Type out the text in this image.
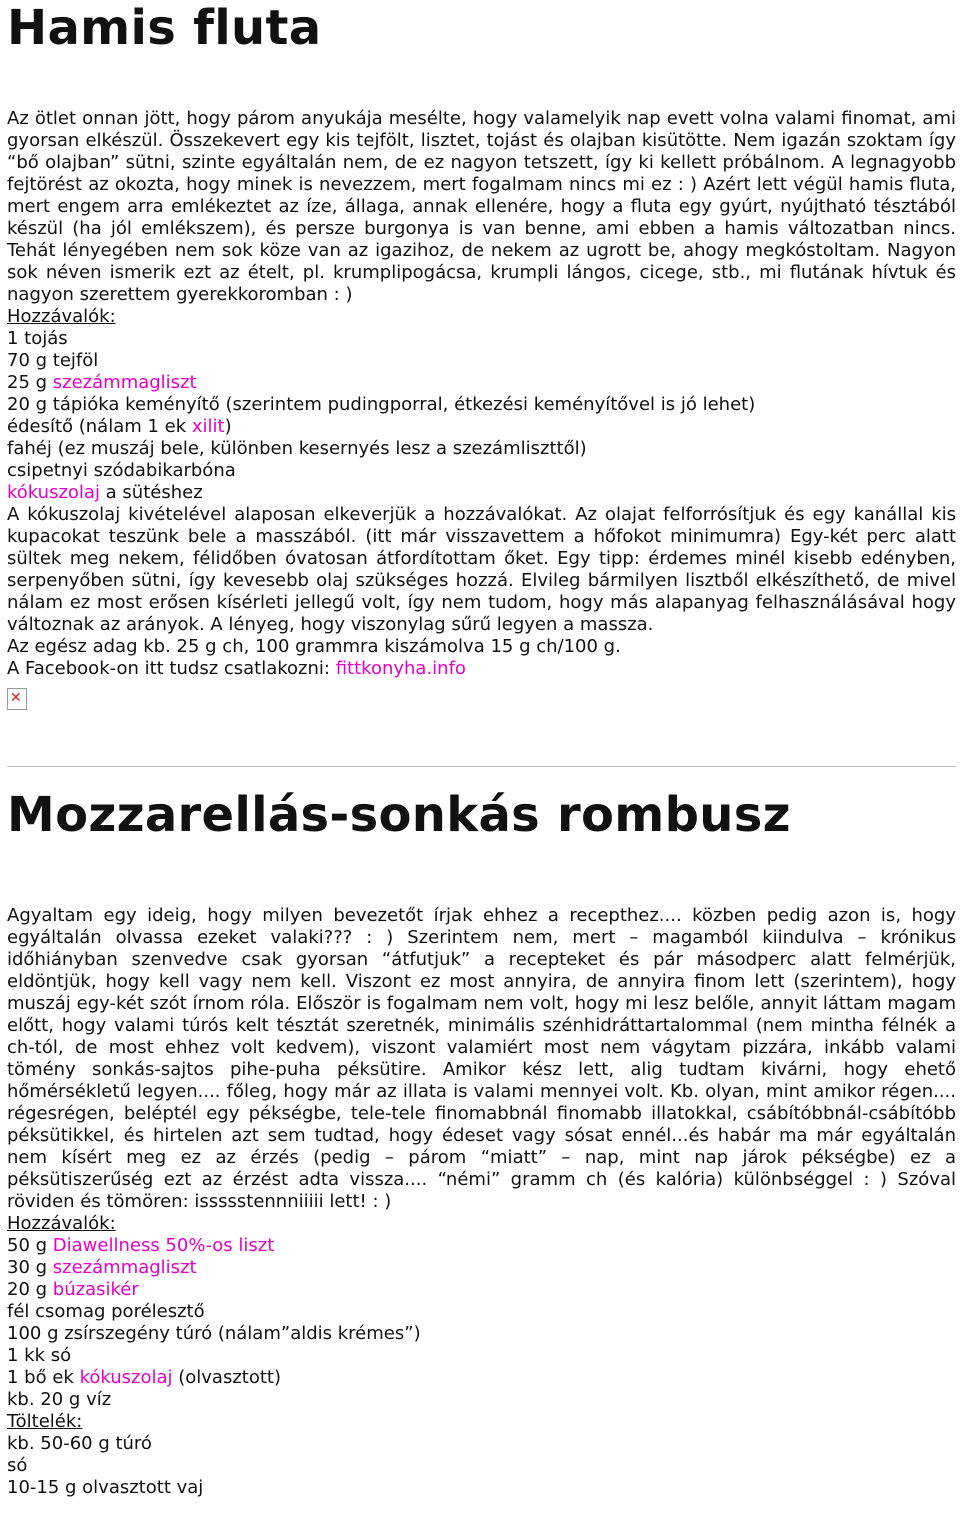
Hamis fluta

Az ötlet onnan jött, hogy párom anyukája mesélte, hogy valamelyik nap evett volna valami finomat, ami gyorsan elkészül. Összekevert egy kis tejfölt, lisztet, tojást és olajban kisütötte. Nem igazán szoktam így “bő olajban” sütni, szinte egyáltalán nem, de ez nagyon tetszett, így ki kellett próbálnom. A legnagyobb fejtörést az okozta, hogy minek is nevezzem, mert fogalmam nincs mi ez : ) Azért lett végül hamis fluta, mert engem arra emlékeztet az íze, állaga, annak ellenére, hogy a fluta egy gyúrt, nyújtható tésztából készül (ha jól emlékszem), és persze burgonya is van benne, ami ebben a hamis változatban nincs. Tehát lényegében nem sok köze van az igazihoz, de nekem az ugrott be, ahogy megkóstoltam. Nagyon sok néven ismerik ezt az ételt, pl. krumplipogácsa, krumpli lángos, cicege, stb., mi flutának hívtuk és nagyon szerettem gyerekkoromban : )

Hozzávalók:
1 tojás
70 g tejföl
25 g szezámmagliszt
20 g tápióka keményítő (szerintem pudingporral, étkezési keményítővel is jó lehet)
édesítő (nálam 1 ek xilit)
fahéj (ez muszáj bele, különben kesernyés lesz a szezámliszttől)
csipetnyi szódabikarbóna
kókuszolaj a sütéshez

A kókuszolaj kivételével alaposan elkeverjük a hozzávalókat. Az olajat felforrósítjuk és egy kanállal kis kupacokat teszünk bele a masszából. (itt már visszavettem a hőfokot minimumra) Egy-két perc alatt sültek meg nekem, félidőben óvatosan átfordítottam őket. Egy tipp: érdemes minél kisebb edényben, serpenyőben sütni, így kevesebb olaj szükséges hozzá. Elvileg bármilyen lisztből elkészíthető, de mivel nálam ez most erősen kísérleti jellegű volt, így nem tudom, hogy más alapanyag felhasználásával hogy változnak az arányok. A lényeg, hogy viszonylag sűrű legyen a massza.

Az egész adag kb. 25 g ch, 100 grammra kiszámolva 15 g ch/100 g.
A Facebook-on itt tudsz csatlakozni: fittkonyha.info
✕
Mozzarellás-sonkás rombusz

Agyaltam egy ideig, hogy milyen bevezetőt írjak ehhez a recepthez.... közben pedig azon is, hogy egyáltalán olvassa ezeket valaki??? : ) Szerintem nem, mert – magamból kiindulva – krónikus időhiányban szenvedve csak gyorsan “átfutjuk” a recepteket és pár másodperc alatt felmérjük, eldöntjük, hogy kell vagy nem kell. Viszont ez most annyira, de annyira finom lett (szerintem), hogy muszáj egy-két szót írnom róla. Először is fogalmam nem volt, hogy mi lesz belőle, annyit láttam magam előtt, hogy valami túrós kelt tésztát szeretnék, minimális szénhidráttartalommal (nem mintha félnék a ch-tól, de most ehhez volt kedvem), viszont valamiért most nem vágytam pizzára, inkább valami tömény sonkás-sajtos pihe-puha péksütire. Amikor kész lett, alig tudtam kivárni, hogy ehető hőmérsékletű legyen.... főleg, hogy már az illata is valami mennyei volt. Kb. olyan, mint amikor régen.... régesrégen, beléptél egy pékségbe, tele-tele finomabbnál finomabb illatokkal, csábítóbbnál-csábítóbb péksütikkel, és hirtelen azt sem tudtad, hogy édeset vagy sósat ennél...és habár ma már egyáltalán nem kísért meg ez az érzés (pedig – párom “miatt” – nap, mint nap járok pékségbe) ez a péksütiszerűség ezt az érzést adta vissza.... “némi” gramm ch (és kalória) különbséggel : ) Szóval röviden és tömören: issssstennniiiii lett! : )

Hozzávalók:
50 g Diawellness 50%-os liszt
30 g szezámmagliszt
20 g búzasikér
fél csomag porélesztő
100 g zsírszegény túró (nálam”aldis krémes”)
1 kk só
1 bő ek kókuszolaj (olvasztott)
kb. 20 g víz
Töltelék:
kb. 50-60 g túró
só
10-15 g olvasztott vaj
